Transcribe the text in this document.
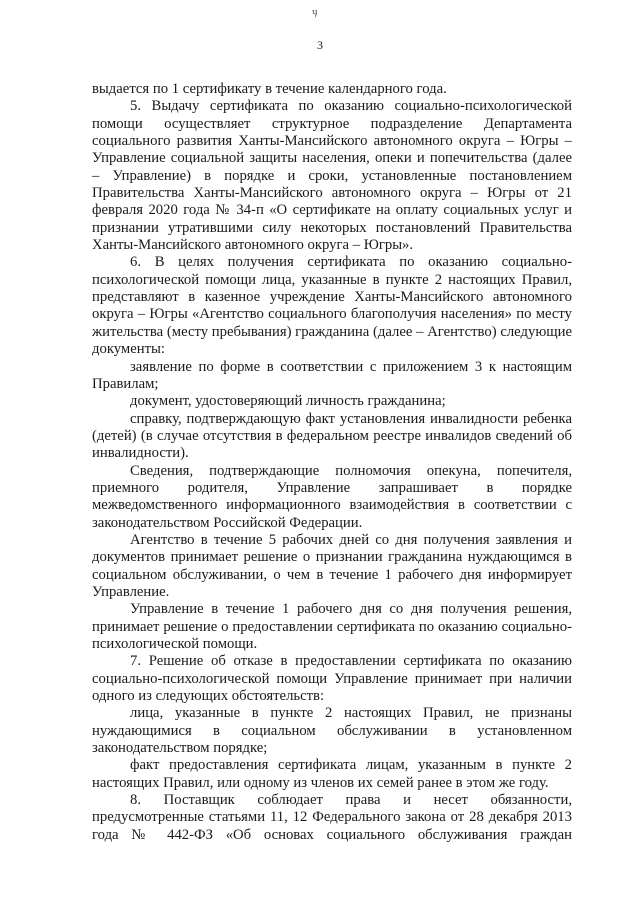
ӌ
3

выдается по 1 сертификату в течение календарного года.

5. Выдачу сертификата по оказанию социально-психологической помощи осуществляет структурное подразделение Департамента социального развития Ханты-Мансийского автономного округа – Югры – Управление социальной защиты населения, опеки и попечительства (далее – Управление) в порядке и сроки, установленные постановлением Правительства Ханты-Мансийского автономного округа – Югры от 21 февраля 2020 года № 34-п «О сертификате на оплату социальных услуг и признании утратившими силу некоторых постановлений Правительства Ханты-Мансийского автономного округа – Югры».

6. В целях получения сертификата по оказанию социально-психологической помощи лица, указанные в пункте 2 настоящих Правил, представляют в казенное учреждение Ханты-Мансийского автономного округа – Югры «Агентство социального благополучия населения» по месту жительства (месту пребывания) гражданина (далее – Агентство) следующие документы:

заявление по форме в соответствии с приложением 3 к настоящим Правилам;

документ, удостоверяющий личность гражданина;

справку, подтверждающую факт установления инвалидности ребенка (детей) (в случае отсутствия в федеральном реестре инвалидов сведений об инвалидности).

Сведения, подтверждающие полномочия опекуна, попечителя, приемного родителя, Управление запрашивает в порядке межведомственного информационного взаимодействия в соответствии с законодательством Российской Федерации.

Агентство в течение 5 рабочих дней со дня получения заявления и документов принимает решение о признании гражданина нуждающимся в социальном обслуживании, о чем в течение 1 рабочего дня информирует Управление.

Управление в течение 1 рабочего дня со дня получения решения, принимает решение о предоставлении сертификата по оказанию социально-психологической помощи.

7. Решение об отказе в предоставлении сертификата по оказанию социально-психологической помощи Управление принимает при наличии одного из следующих обстоятельств:

лица, указанные в пункте 2 настоящих Правил, не признаны нуждающимися в социальном обслуживании в установленном законодательством порядке;

факт предоставления сертификата лицам, указанным в пункте 2 настоящих Правил, или одному из членов их семей ранее в этом же году.

8. Поставщик соблюдает права и несет обязанности, предусмотренные статьями 11, 12 Федерального закона от 28 декабря 2013 года № 442-ФЗ «Об основах социального обслуживания граждан
